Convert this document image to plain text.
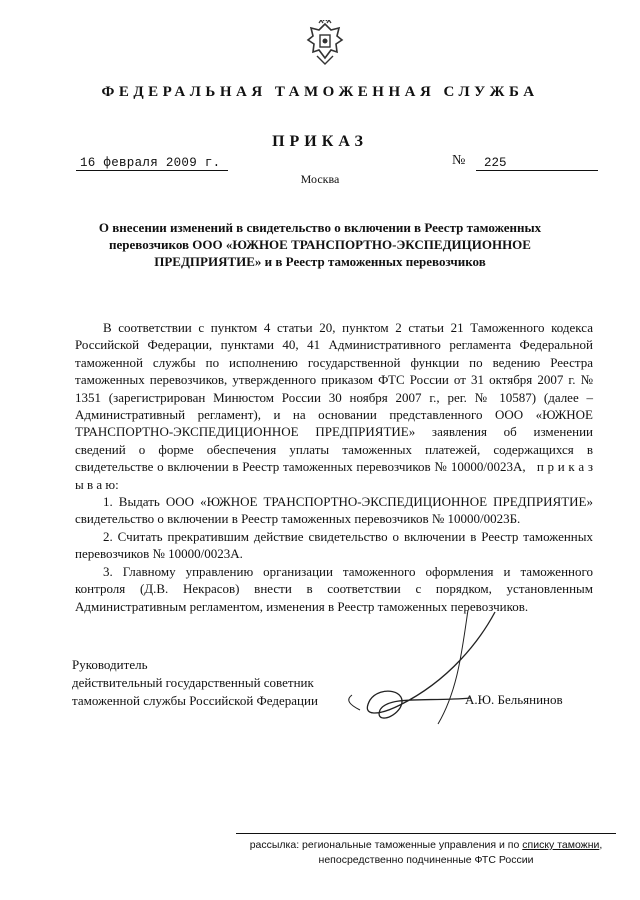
ФЕДЕРАЛЬНАЯ ТАМОЖЕННАЯ СЛУЖБА
ПРИКАЗ
16 февраля 2009 г.	№	225
Москва
О внесении изменений в свидетельство о включении в Реестр таможенных перевозчиков ООО «ЮЖНОЕ ТРАНСПОРТНО-ЭКСПЕДИЦИОННОЕ ПРЕДПРИЯТИЕ» и в Реестр таможенных перевозчиков

В соответствии с пунктом 4 статьи 20, пунктом 2 статьи 21 Таможенного кодекса Российской Федерации, пунктами 40, 41 Административного регламента Федеральной таможенной службы по исполнению государственной функции по ведению Реестра таможенных перевозчиков, утвержденного приказом ФТС России от 31 октября 2007 г. № 1351 (зарегистрирован Минюстом России 30 ноября 2007 г., рег. № 10587) (далее – Административный регламент), и на основании представленного ООО «ЮЖНОЕ ТРАНСПОРТНО-ЭКСПЕДИЦИОННОЕ ПРЕДПРИЯТИЕ» заявления об изменении сведений о форме обеспечения уплаты таможенных платежей, содержащихся в свидетельстве о включении в Реестр таможенных перевозчиков № 10000/0023А, п р и к а з ы в а ю:

1. Выдать ООО «ЮЖНОЕ ТРАНСПОРТНО-ЭКСПЕДИЦИОННОЕ ПРЕДПРИЯТИЕ» свидетельство о включении в Реестр таможенных перевозчиков № 10000/0023Б.

2. Считать прекратившим действие свидетельство о включении в Реестр таможенных перевозчиков № 10000/0023А.

3. Главному управлению организации таможенного оформления и таможенного контроля (Д.В. Некрасов) внести в соответствии с порядком, установленным Административным регламентом, изменения в Реестр таможенных перевозчиков.

Руководитель
действительный государственный советник
таможенной службы Российской Федерации	А.Ю. Бельянинов
рассылка: региональные таможенные управления и по списку таможни,
непосредственно подчиненные ФТС России
